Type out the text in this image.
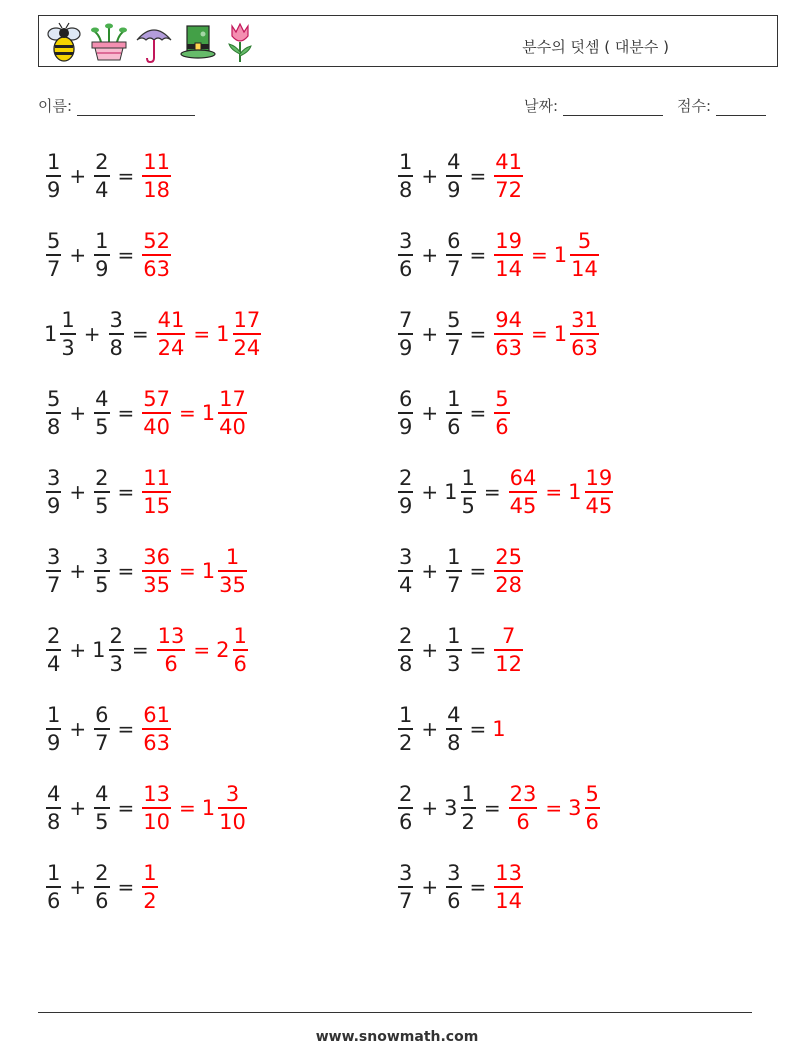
분수의 덧셈 ( 대분수 )
이름:	날짜:	점수:
$\frac{1}{9} + \frac{2}{4} = \frac{11}{18}$
$\frac{5}{7} + \frac{1}{9} = \frac{52}{63}$
$1 \frac{1}{3} + \frac{3}{8} = \frac{41}{24} = 1 \frac{17}{24}$
$\frac{5}{8} + \frac{4}{5} = \frac{57}{40} = 1 \frac{17}{40}$
$\frac{3}{9} + \frac{2}{5} = \frac{11}{15}$
$\frac{3}{7} + \frac{3}{5} = \frac{36}{35} = 1 \frac{1}{35}$
$\frac{2}{4} + 1 \frac{2}{3} = \frac{13}{6} = 2 \frac{1}{6}$
$\frac{1}{9} + \frac{6}{7} = \frac{61}{63}$
$\frac{4}{8} + \frac{4}{5} = \frac{13}{10} = 1 \frac{3}{10}$
$\frac{1}{6} + \frac{2}{6} = \frac{1}{2}$
$\frac{1}{8} + \frac{4}{9} = \frac{41}{72}$
$\frac{3}{6} + \frac{6}{7} = \frac{19}{14} = 1 \frac{5}{14}$
$\frac{7}{9} + \frac{5}{7} = \frac{94}{63} = 1 \frac{31}{63}$
$\frac{6}{9} + \frac{1}{6} = \frac{5}{6}$
$\frac{2}{9} + 1 \frac{1}{5} = \frac{64}{45} = 1 \frac{19}{45}$
$\frac{3}{4} + \frac{1}{7} = \frac{25}{28}$
$\frac{2}{8} + \frac{1}{3} = \frac{7}{12}$
$\frac{1}{2} + \frac{4}{8} = 1$
$\frac{2}{6} + 3 \frac{1}{2} = \frac{23}{6} = 3 \frac{5}{6}$
$\frac{3}{7} + \frac{3}{6} = \frac{13}{14}$
www.snowmath.com
